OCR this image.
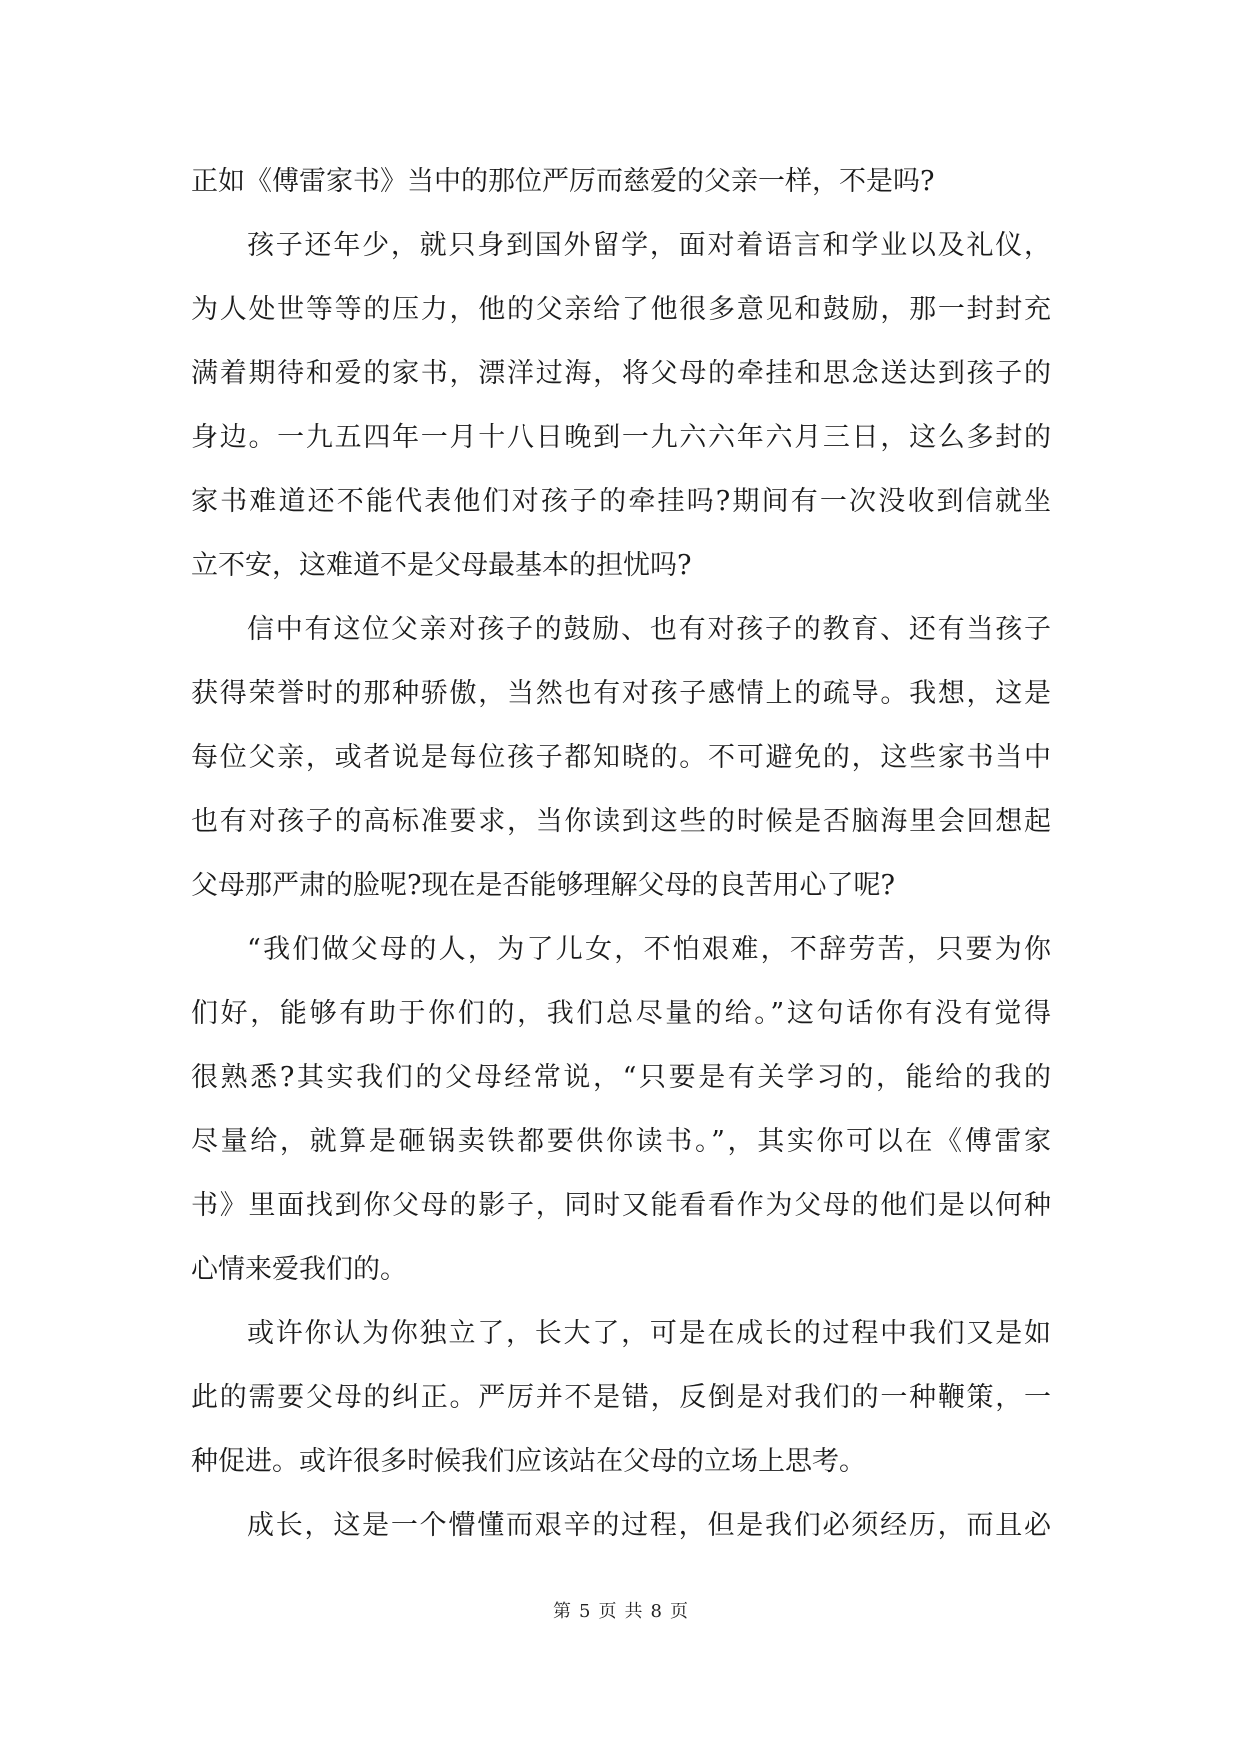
正如《傅雷家书》当中的那位严厉而慈爱的父亲一样，不是吗?
孩子还年少，就只身到国外留学，面对着语言和学业以及礼仪，
为人处世等等的压力，他的父亲给了他很多意见和鼓励，那一封封充
满着期待和爱的家书，漂洋过海，将父母的牵挂和思念送达到孩子的
身边。一九五四年一月十八日晚到一九六六年六月三日，这么多封的
家书难道还不能代表他们对孩子的牵挂吗?期间有一次没收到信就坐
立不安，这难道不是父母最基本的担忧吗?
信中有这位父亲对孩子的鼓励、也有对孩子的教育、还有当孩子
获得荣誉时的那种骄傲，当然也有对孩子感情上的疏导。我想，这是
每位父亲，或者说是每位孩子都知晓的。不可避免的，这些家书当中
也有对孩子的高标准要求，当你读到这些的时候是否脑海里会回想起
父母那严肃的脸呢?现在是否能够理解父母的良苦用心了呢?
“我们做父母的人，为了儿女，不怕艰难，不辞劳苦，只要为你
们好，能够有助于你们的，我们总尽量的给。”这句话你有没有觉得
很熟悉?其实我们的父母经常说，“只要是有关学习的，能给的我的
尽量给，就算是砸锅卖铁都要供你读书。”，其实你可以在《傅雷家
书》里面找到你父母的影子，同时又能看看作为父母的他们是以何种
心情来爱我们的。
或许你认为你独立了，长大了，可是在成长的过程中我们又是如
此的需要父母的纠正。严厉并不是错，反倒是对我们的一种鞭策，一
种促进。或许很多时候我们应该站在父母的立场上思考。
成长，这是一个懵懂而艰辛的过程，但是我们必须经历，而且必
第 5 页 共 8 页
